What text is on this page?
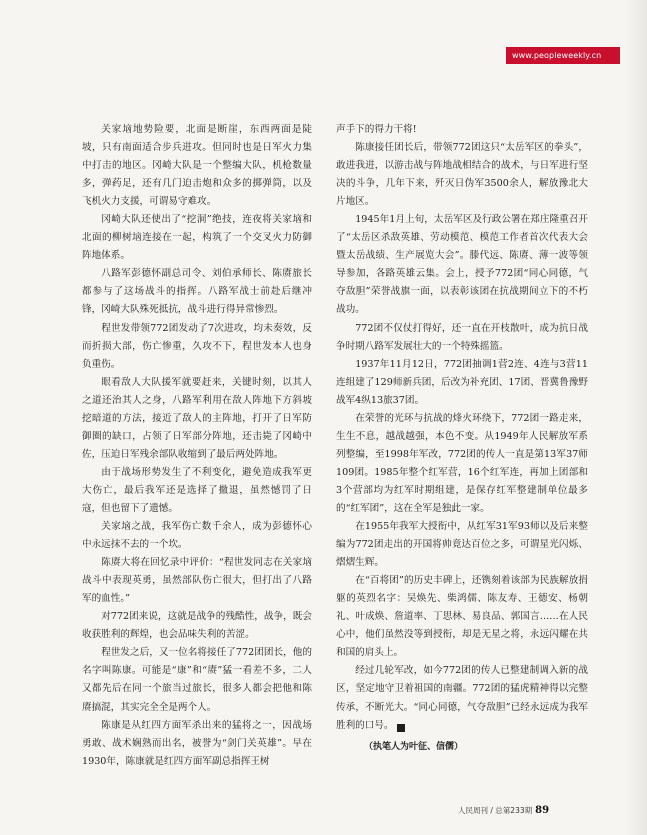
www.peopleweekly.cn

关家垴地势险要，北面是断崖，东西两面是陡坡，只有南面适合步兵进攻。但同时也是日军火力集中打击的地区。冈崎大队是一个整编大队，机枪数量多，弹药足，还有几门迫击炮和众多的掷弹筒，以及飞机火力支援，可谓易守难攻。

冈崎大队还使出了“挖洞”绝技，连夜将关家垴和北面的柳树垴连接在一起，构筑了一个交叉火力防御阵地体系。

八路军彭德怀副总司令、刘伯承师长、陈赓旅长都参与了这场战斗的指挥。八路军战士前赴后继冲锋，冈崎大队殊死抵抗，战斗进行得异常惨烈。

程世发带领772团发动了7次进攻，均未奏效，反而折损大部，伤亡惨重，久攻不下，程世发本人也身负重伤。

眼看敌人大队援军就要赶来，关键时刻，以其人之道还治其人之身，八路军利用在敌人阵地下方斜坡挖暗道的方法，接近了敌人的主阵地，打开了日军防御圈的缺口，占领了日军部分阵地，还击毙了冈崎中佐，压迫日军残余部队收缩到了最后两处阵地。

由于战场形势发生了不利变化，避免造成我军更大伤亡，最后我军还是选择了撤退，虽然憾罚了日寇，但也留下了遗憾。

关家垴之战，我军伤亡数千余人，成为彭德怀心中永远抹不去的一个坎。

陈赓大将在回忆录中评价：“程世发同志在关家垴战斗中表现英勇，虽然部队伤亡很大，但打出了八路军的血性。”

对772团来说，这就是战争的残酷性，战争，既会收获胜利的辉煌，也会品味失利的苦涩。

程世发之后，又一位名将接任了772团团长，他的名字叫陈康。可能是“康”和“赓”猛一看差不多，二人又都先后在同一个旅当过旅长，很多人都会把他和陈赓搞混，其实完全全是两个人。

陈康是从红四方面军杀出来的猛将之一，因战场勇敢、战术娴熟而出名，被誉为“剑门关英雄”。早在1930年，陈康就是红四方面军副总指挥王树

声手下的得力干将!

陈康接任团长后，带领772团这只“太岳军区的拳头”，敢进我进，以游击战与阵地战相结合的战术，与日军进行坚决的斗争，几年下来，歼灭日伪军3500余人，解放豫北大片地区。

1945年1月上旬，太岳军区及行政公署在郑庄隆重召开了“太岳区杀敌英雄、劳动模范、模范工作者首次代表大会暨太岳战绩、生产展览大会”。滕代远、陈赓、薄一波等领导参加，各路英雄云集。会上，授予772团“同心同德，气夺敌胆”荣誉战旗一面，以表彰该团在抗战期间立下的不朽战功。

772团不仅仗打得好，还一直在开枝散叶，成为抗日战争时期八路军发展壮大的一个特殊摇篮。

1937年11月12日，772团抽调1营2连、4连与3营11连组建了129师新兵团，后改为补充团、17团、晋冀鲁豫野战军4纵13旅37团。

在荣誉的光环与抗战的烽火环绕下，772团一路走来，生生不息，越战越强，本色不变。从1949年人民解放军系列整编，至1998年军改，772团的传人一直是第13军37师109团。1985年整个红军营，16个红军连，再加上团部和3个营部均为红军时期组建，是保存红军整建制单位最多的“红军团”，这在全军是独此一家。

在1955年我军大授衔中，从红军31军93师以及后来整编为772团走出的开国将帅竟达百位之多，可谓星光闪烁、熠熠生辉。

在“百将团”的历史丰碑上，还镌刻着该部为民族解放捐躯的英烈名字：吴焕先、柴鸿儒、陈友寿、王德安、杨朝礼、叶成焕、詹道率、丁思林、易良品、郭国言……在人民心中，他们虽然没等到授衔，却是无星之将，永远闪耀在共和国的肩头上。

经过几轮军改，如今772团的传人已整建制调入新的战区，坚定地守卫着祖国的南疆。772团的猛虎精神得以完整传承，不断光大。“同心同德，气夺敌胆”已经永远成为我军胜利的口号。	K

（执笔人为叶征、信儒）

人民周刊 / 总第233期 89
